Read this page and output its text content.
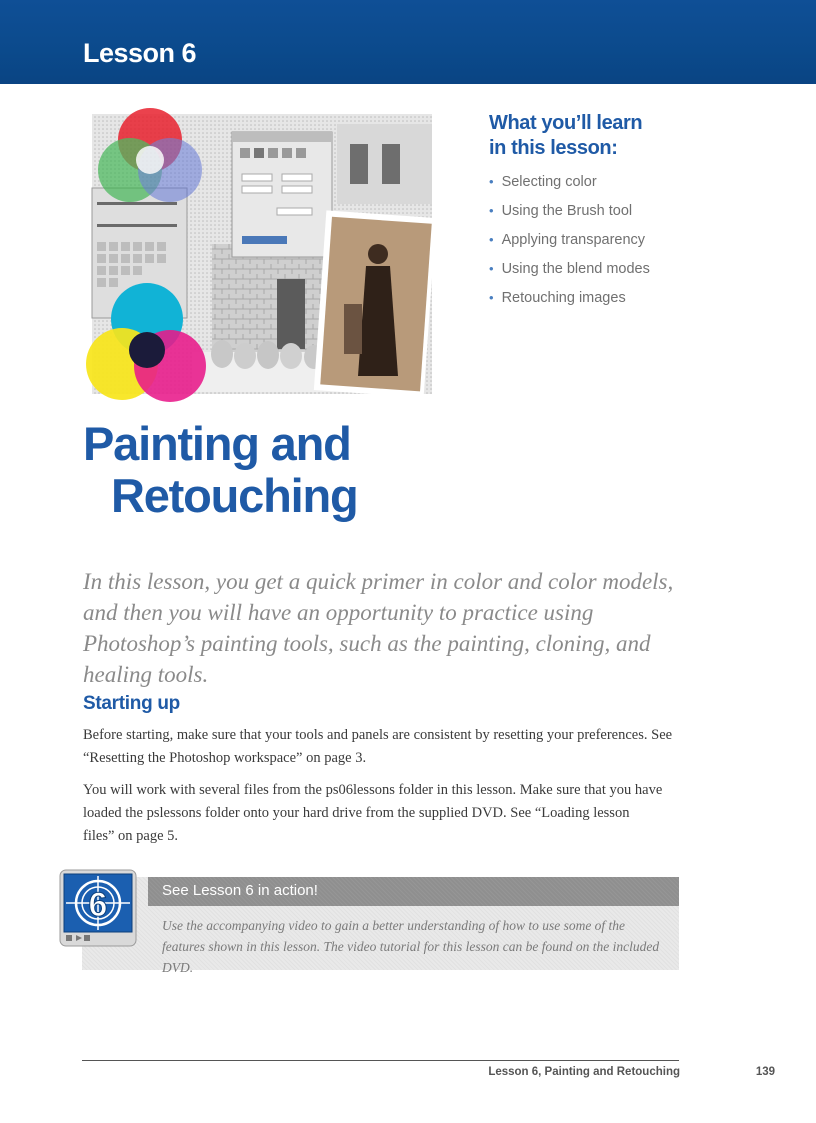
Lesson 6
What you’ll learn
in this lesson:
• Selecting color
• Using the Brush tool
• Applying transparency
• Using the blend modes
• Retouching images
Painting and
Retouching
In this lesson, you get a quick primer in color and color models, and then you will have an opportunity to practice using Photoshop’s painting tools, such as the painting, cloning, and healing tools.
Starting up

Before starting, make sure that your tools and panels are consistent by resetting your preferences. See “Resetting the Photoshop workspace” on page 3.

You will work with several files from the ps06lessons folder in this lesson. Make sure that you have loaded the pslessons folder onto your hard drive from the supplied DVD. See “Loading lesson files” on page 5.

6	See Lesson 6 in action!
Use the accompanying video to gain a better understanding of how to use some of the features shown in this lesson. The video tutorial for this lesson can be found on the included DVD.
Lesson 6, Painting and Retouching	139
